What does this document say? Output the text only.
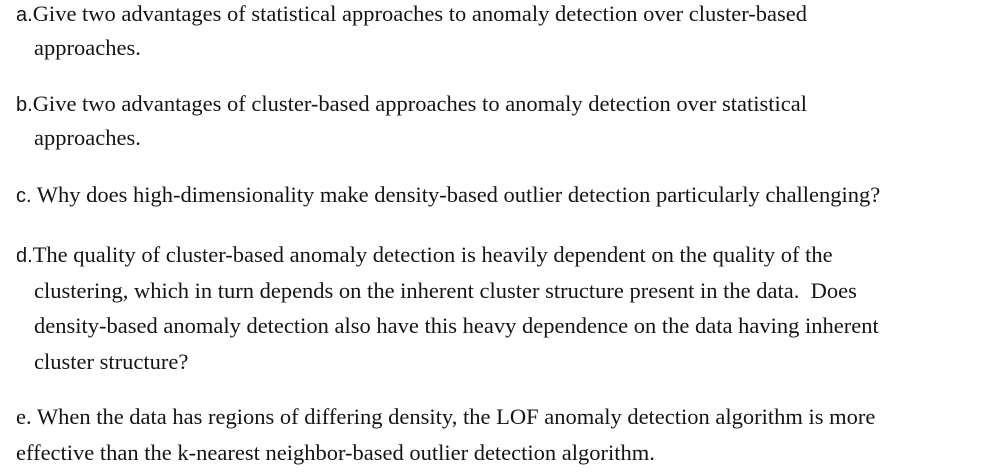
a.Give two advantages of statistical approaches to anomaly detection over cluster-based
approaches.
b.Give two advantages of cluster-based approaches to anomaly detection over statistical
approaches.
c. Why does high-dimensionality make density-based outlier detection particularly challenging?
d.The quality of cluster-based anomaly detection is heavily dependent on the quality of the
clustering, which in turn depends on the inherent cluster structure present in the data.  Does
density-based anomaly detection also have this heavy dependence on the data having inherent
cluster structure?
e. When the data has regions of differing density, the LOF anomaly detection algorithm is more
effective than the k-nearest neighbor-based outlier detection algorithm.
